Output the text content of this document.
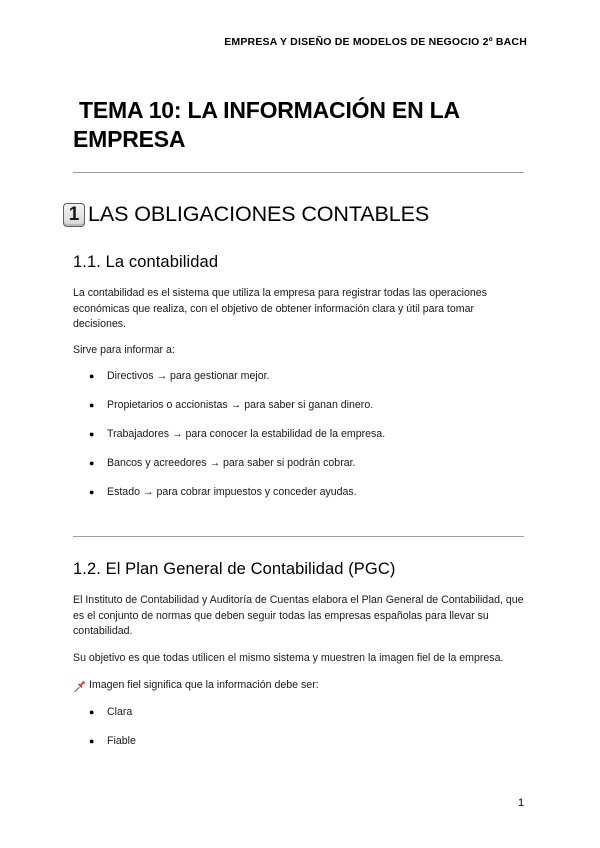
EMPRESA Y DISEÑO DE MODELOS DE NEGOCIO 2º BACH
TEMA 10: LA INFORMACIÓN EN LA
EMPRESA
1 LAS OBLIGACIONES CONTABLES
1.1. La contabilidad

La contabilidad es el sistema que utiliza la empresa para registrar todas las operaciones económicas que realiza, con el objetivo de obtener información clara y útil para tomar decisiones.

Sirve para informar a:

● Directivos → para gestionar mejor.
● Propietarios o accionistas → para saber si ganan dinero.
● Trabajadores → para conocer la estabilidad de la empresa.
● Bancos y acreedores → para saber si podrán cobrar.
● Estado → para cobrar impuestos y conceder ayudas.
1.2. El Plan General de Contabilidad (PGC)

El Instituto de Contabilidad y Auditoría de Cuentas elabora el Plan General de Contabilidad, que es el conjunto de normas que deben seguir todas las empresas españolas para llevar su contabilidad.

Su objetivo es que todas utilicen el mismo sistema y muestren la imagen fiel de la empresa.

Imagen fiel significa que la información debe ser:
● Clara
● Fiable
1
